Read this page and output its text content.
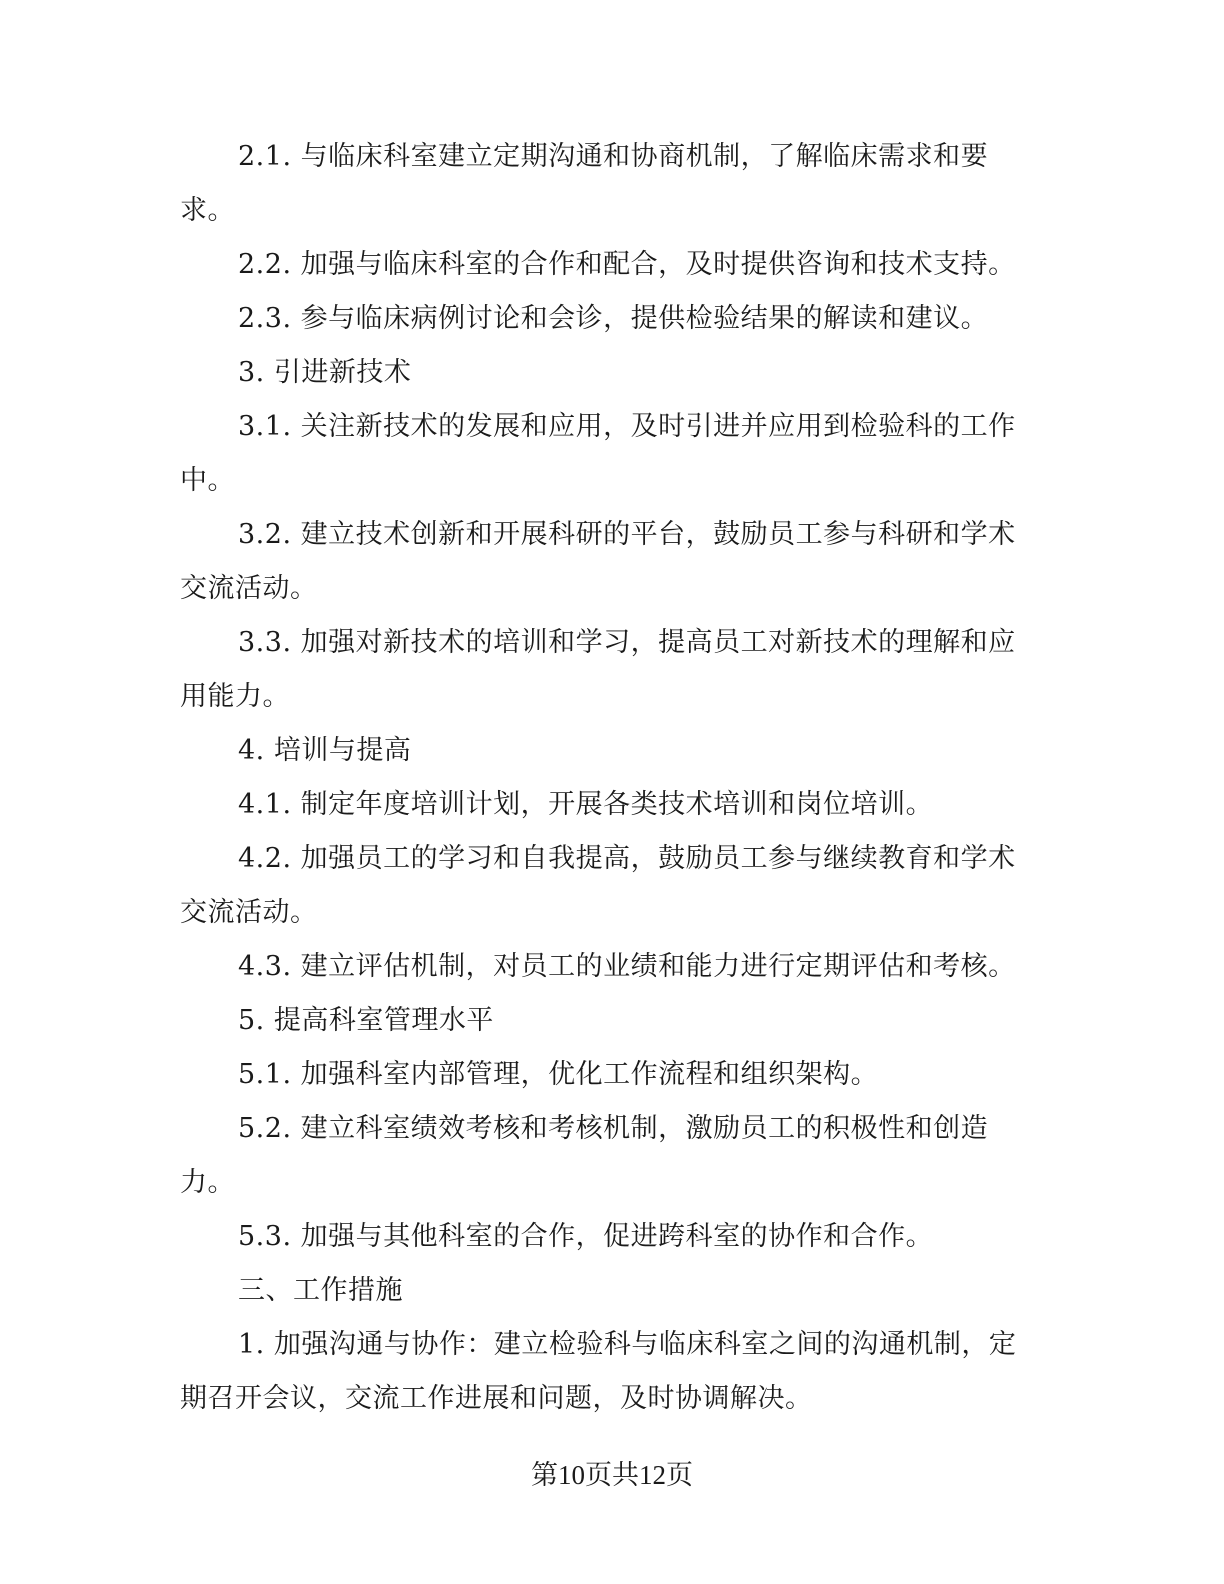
2.1. 与临床科室建立定期沟通和协商机制，了解临床需求和要求。

2.2. 加强与临床科室的合作和配合，及时提供咨询和技术支持。

2.3. 参与临床病例讨论和会诊，提供检验结果的解读和建议。

3. 引进新技术

3.1. 关注新技术的发展和应用，及时引进并应用到检验科的工作中。

3.2. 建立技术创新和开展科研的平台，鼓励员工参与科研和学术交流活动。

3.3. 加强对新技术的培训和学习，提高员工对新技术的理解和应用能力。

4. 培训与提高

4.1. 制定年度培训计划，开展各类技术培训和岗位培训。

4.2. 加强员工的学习和自我提高，鼓励员工参与继续教育和学术交流活动。

4.3. 建立评估机制，对员工的业绩和能力进行定期评估和考核。

5. 提高科室管理水平

5.1. 加强科室内部管理，优化工作流程和组织架构。

5.2. 建立科室绩效考核和考核机制，激励员工的积极性和创造力。

5.3. 加强与其他科室的合作，促进跨科室的协作和合作。

三、工作措施

1. 加强沟通与协作：建立检验科与临床科室之间的沟通机制，定期召开会议，交流工作进展和问题，及时协调解决。

第10页共12页
